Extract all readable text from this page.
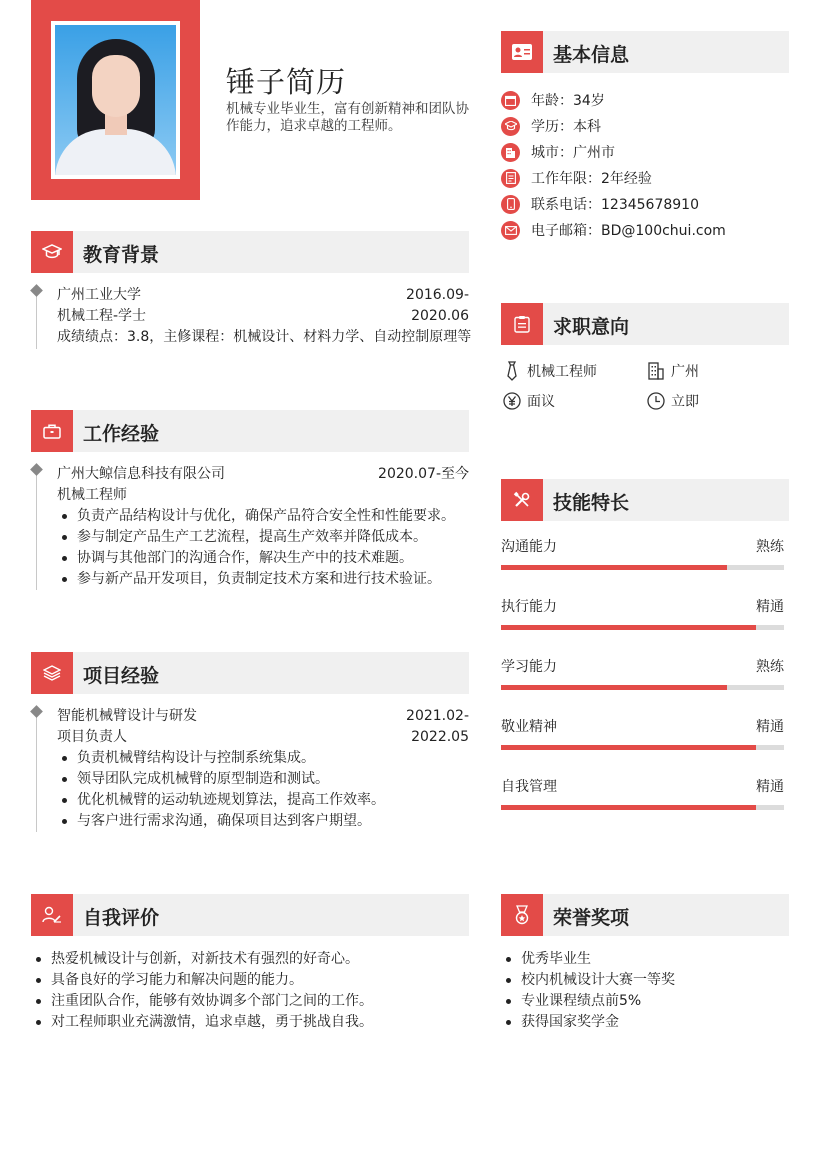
锤子简历
机械专业毕业生，富有创新精神和团队协作能力，追求卓越的工程师。
基本信息
年龄：34岁
学历：本科
城市：广州市
工作年限：2年经验
联系电话：12345678910
电子邮箱：BD@100chui.com
教育背景
广州工业大学	2016.09-2020.06
机械工程-学士
成绩绩点：3.8，主修课程：机械设计、材料力学、自动控制原理等
工作经验
广州大鲸信息科技有限公司	2020.07-至今
机械工程师
负责产品结构设计与优化，确保产品符合安全性和性能要求。
参与制定产品生产工艺流程，提高生产效率并降低成本。
协调与其他部门的沟通合作，解决生产中的技术难题。
参与新产品开发项目，负责制定技术方案和进行技术验证。
项目经验
智能机械臂设计与研发	2021.02-2022.05
项目负责人
负责机械臂结构设计与控制系统集成。
领导团队完成机械臂的原型制造和测试。
优化机械臂的运动轨迹规划算法，提高工作效率。
与客户进行需求沟通，确保项目达到客户期望。
求职意向
机械工程师	广州
面议	立即
技能特长
沟通能力	熟练
执行能力	精通
学习能力	熟练
敬业精神	精通
自我管理	精通
自我评价
热爱机械设计与创新，对新技术有强烈的好奇心。
具备良好的学习能力和解决问题的能力。
注重团队合作，能够有效协调多个部门之间的工作。
对工程师职业充满激情，追求卓越，勇于挑战自我。
荣誉奖项
优秀毕业生
校内机械设计大赛一等奖
专业课程绩点前5%
获得国家奖学金
